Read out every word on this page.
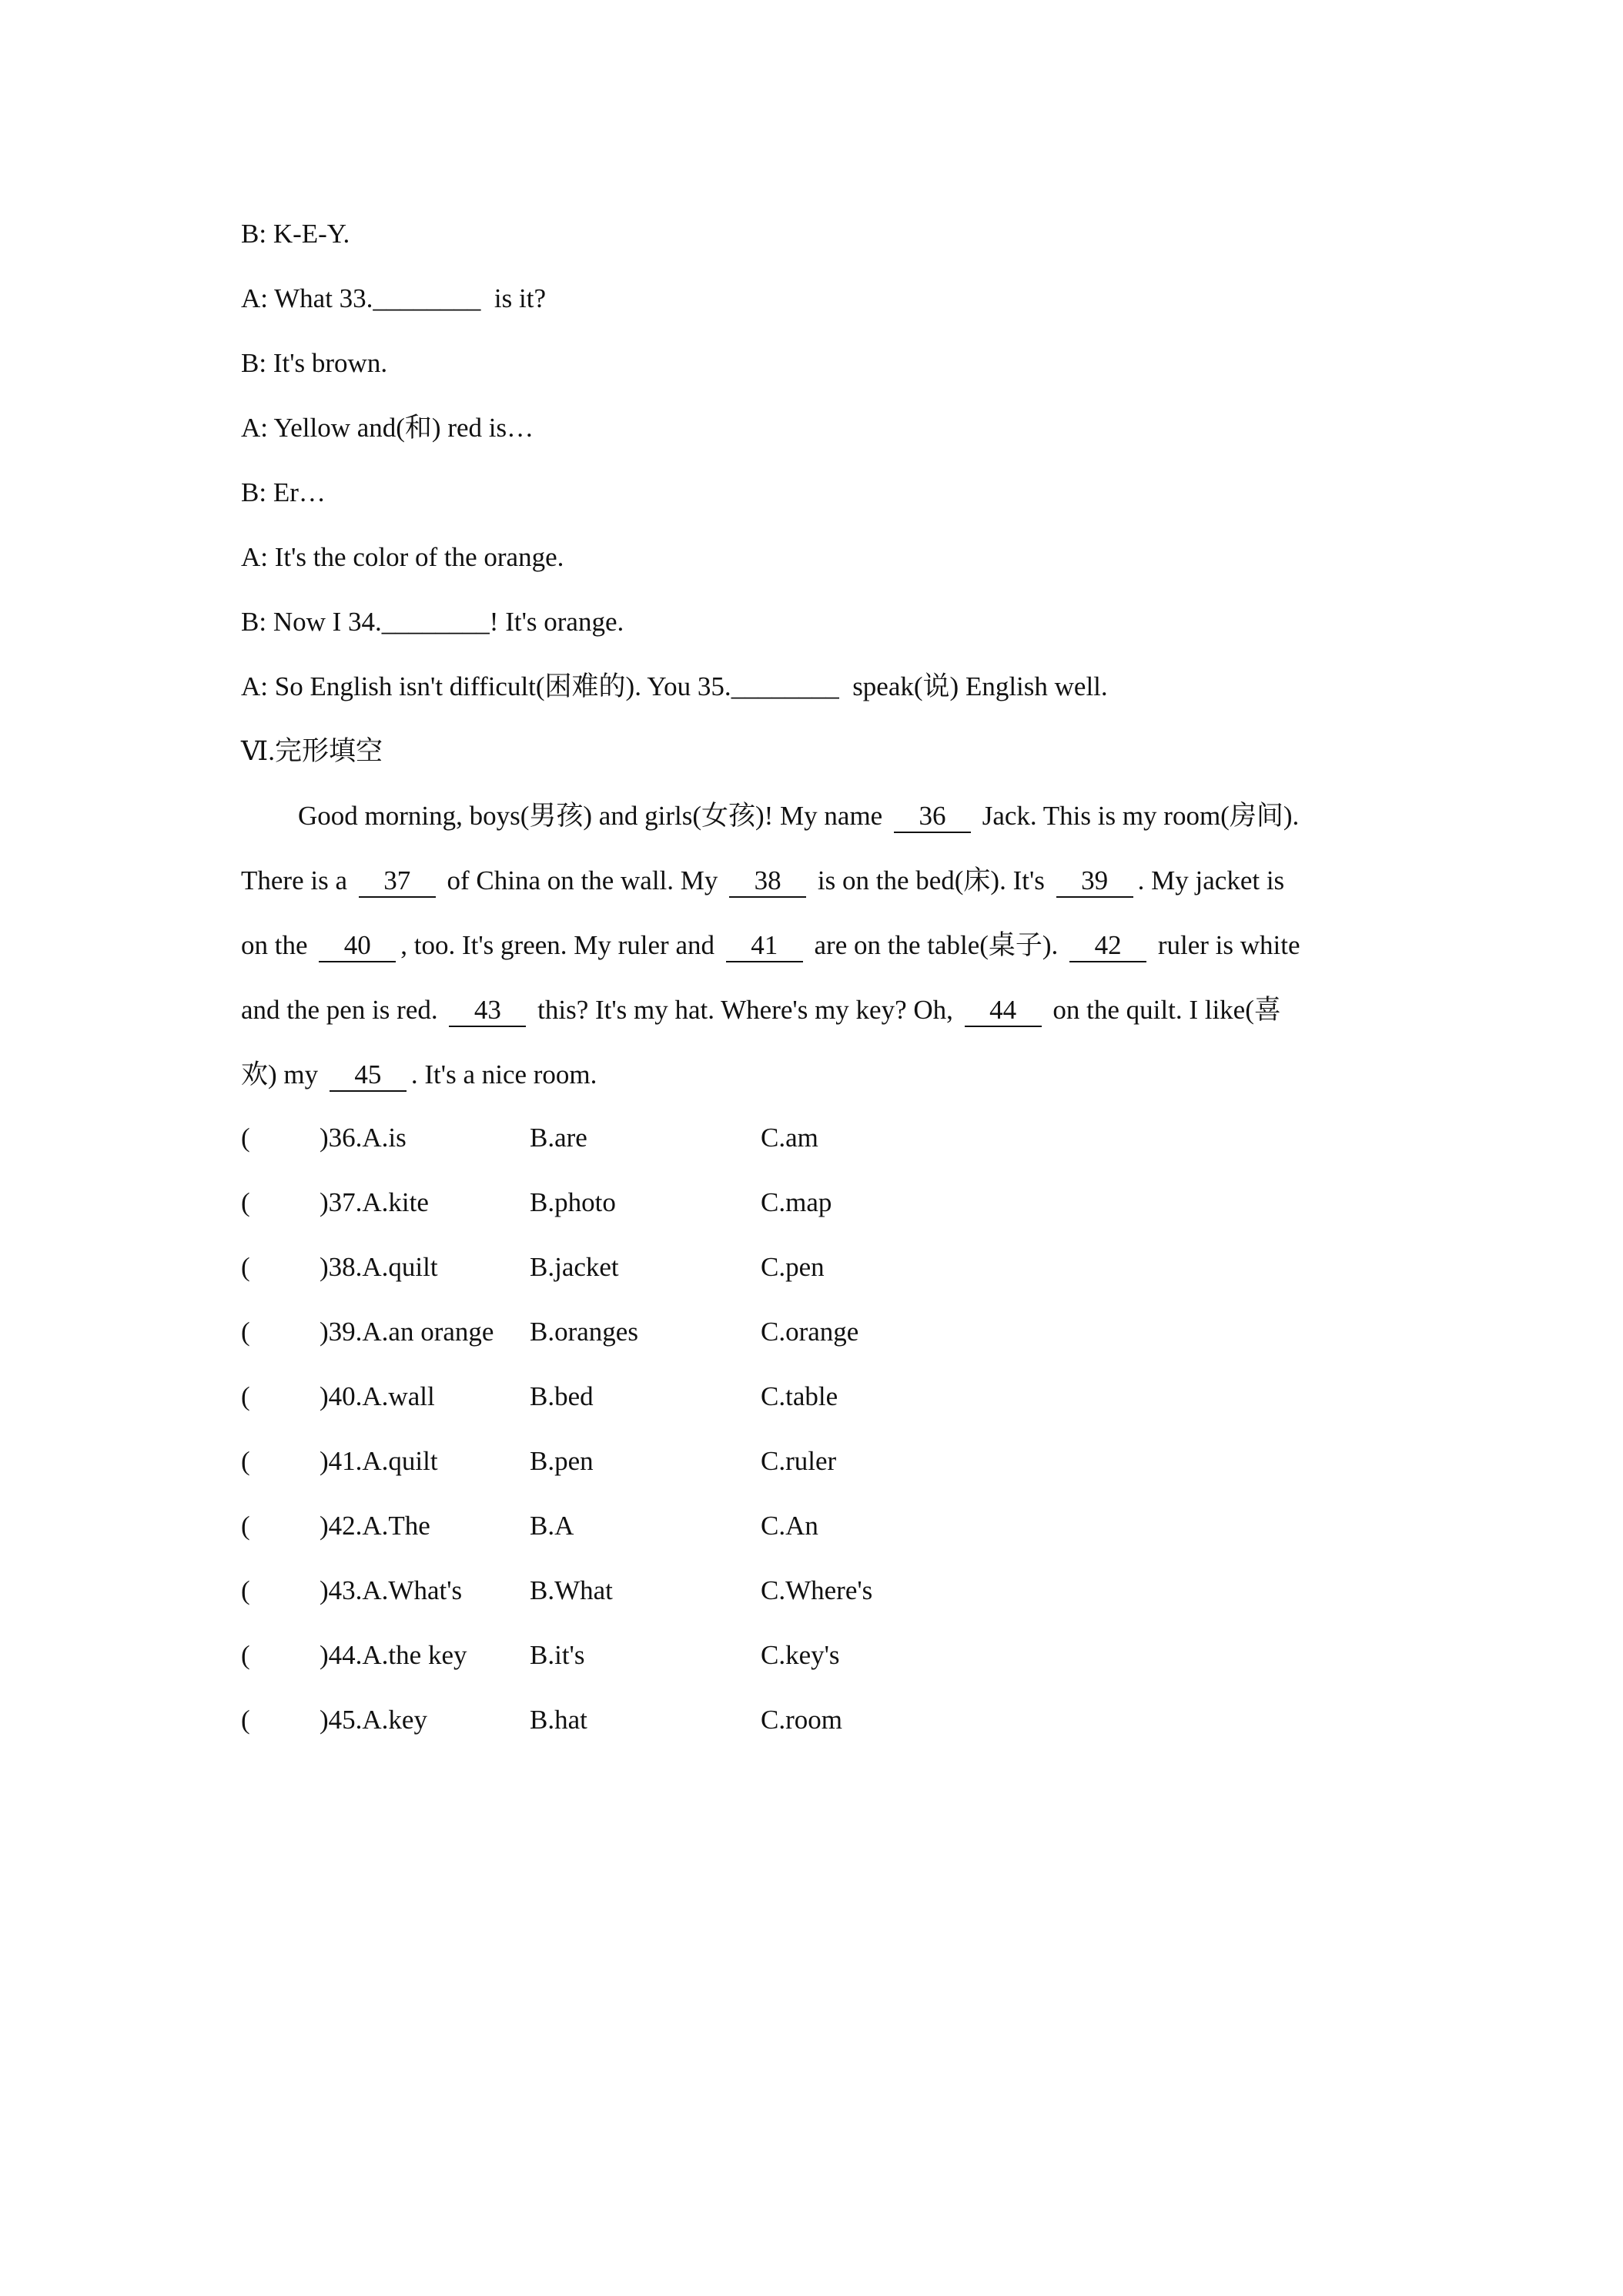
B: K-E-Y.
A: What 33.________  is it?
B: It's brown.
A: Yellow and(和) red is…
B: Er…
A: It's the color of the orange.
B: Now I 34.________! It's orange.
A: So English isn't difficult(困难的). You 35.________  speak(说) English well.
Ⅵ.完形填空
Good morning, boys(男孩) and girls(女孩)! My name 36 Jack. This is my room(房间).
There is a 37 of China on the wall. My 38 is on the bed(床). It's 39 . My jacket is
on the 40 , too. It's green. My ruler and 41 are on the table(桌子). 42 ruler is white
and the pen is red. 43 this? It's my hat. Where's my key? Oh, 44 on the quilt. I like(喜
欢) my 45 . It's a nice room.
(	)36.A.is	B.are	C.am
(	)37.A.kite	B.photo	C.map
(	)38.A.quilt	B.jacket	C.pen
(	)39.A.an orange B.oranges	C.orange
(	)40.A.wall	B.bed	C.table
(	)41.A.quilt	B.pen	C.ruler
(	)42.A.The	B.A	C.An
(	)43.A.What's	B.What	C.Where's
(	)44.A.the key B.it's	C.key's
(	)45.A.key	B.hat	C.room
